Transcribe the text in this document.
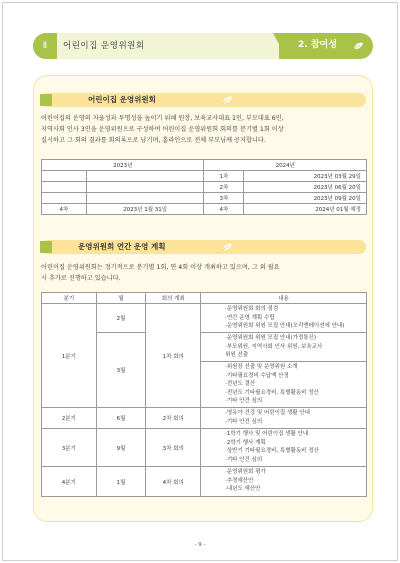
Ⅱ	어린이집 운영위원회	2. 참여성
어린이집 운영위원회
어린이집의 운영의 자율성과 투명성을 높이기 위해 원장, 보육교사대표 1인, 부모대표 6인,
지역사회 인사 3인을 운영위원으로 구성하여 어린이집 운영위원회 회의를 분기별 1회 이상
실시하고 그 회의 결과를 회의록으로 남기며, 홈라인으로 전체 부모님께 공지합니다.
2023년		2024년	
		1차	2023년 03월 29일
		2차	2023년 06월 20일
		3차	2023년 09월 20일
4차	2023년 1월 31일	4차	2024년 01월 예정
운영위원회 연간 운영 계획
어린이집 운영위원회는 정기적으로 분기별 1회, 연 4회 이상 개최하고 있으며, 그 외 필요
시 추가로 진행하고 있습니다.
분기	월	회의 개최	내용
1분기	2월	1차 회의	·운영위원회 회의 점검
·연간 운영 계획 수립
·운영위원회 위원 모집 안내(오리엔테이션에 안내)

	3월		·운영위원회 위원 모집 안내(가정통신)
·부모위원, 지역사회 인사 위원, 보육교사
위원 선출

			·위원장 선출 및 운영위원 소개
·기타필요경비 수납액 산정
·전년도 결산
·전년도 기타필요경비, 특별활동비 정산
·기타 안건 심의

2분기	6월	2차 회의	·영유아 건강 및 어린이집 생활 안내
·기타 안건 심의

3분기	9월	3차 회의	·1학기 행사 및 어린이집 생활 안내
·2학기 행사 계획
·상반기 기타필요경비, 특별활동비 정산
·기타 안건 심의

4분기	1월	4차 회의	·운영위원회 평가
·추경예산안
·내년도 예산안
- 9 -
